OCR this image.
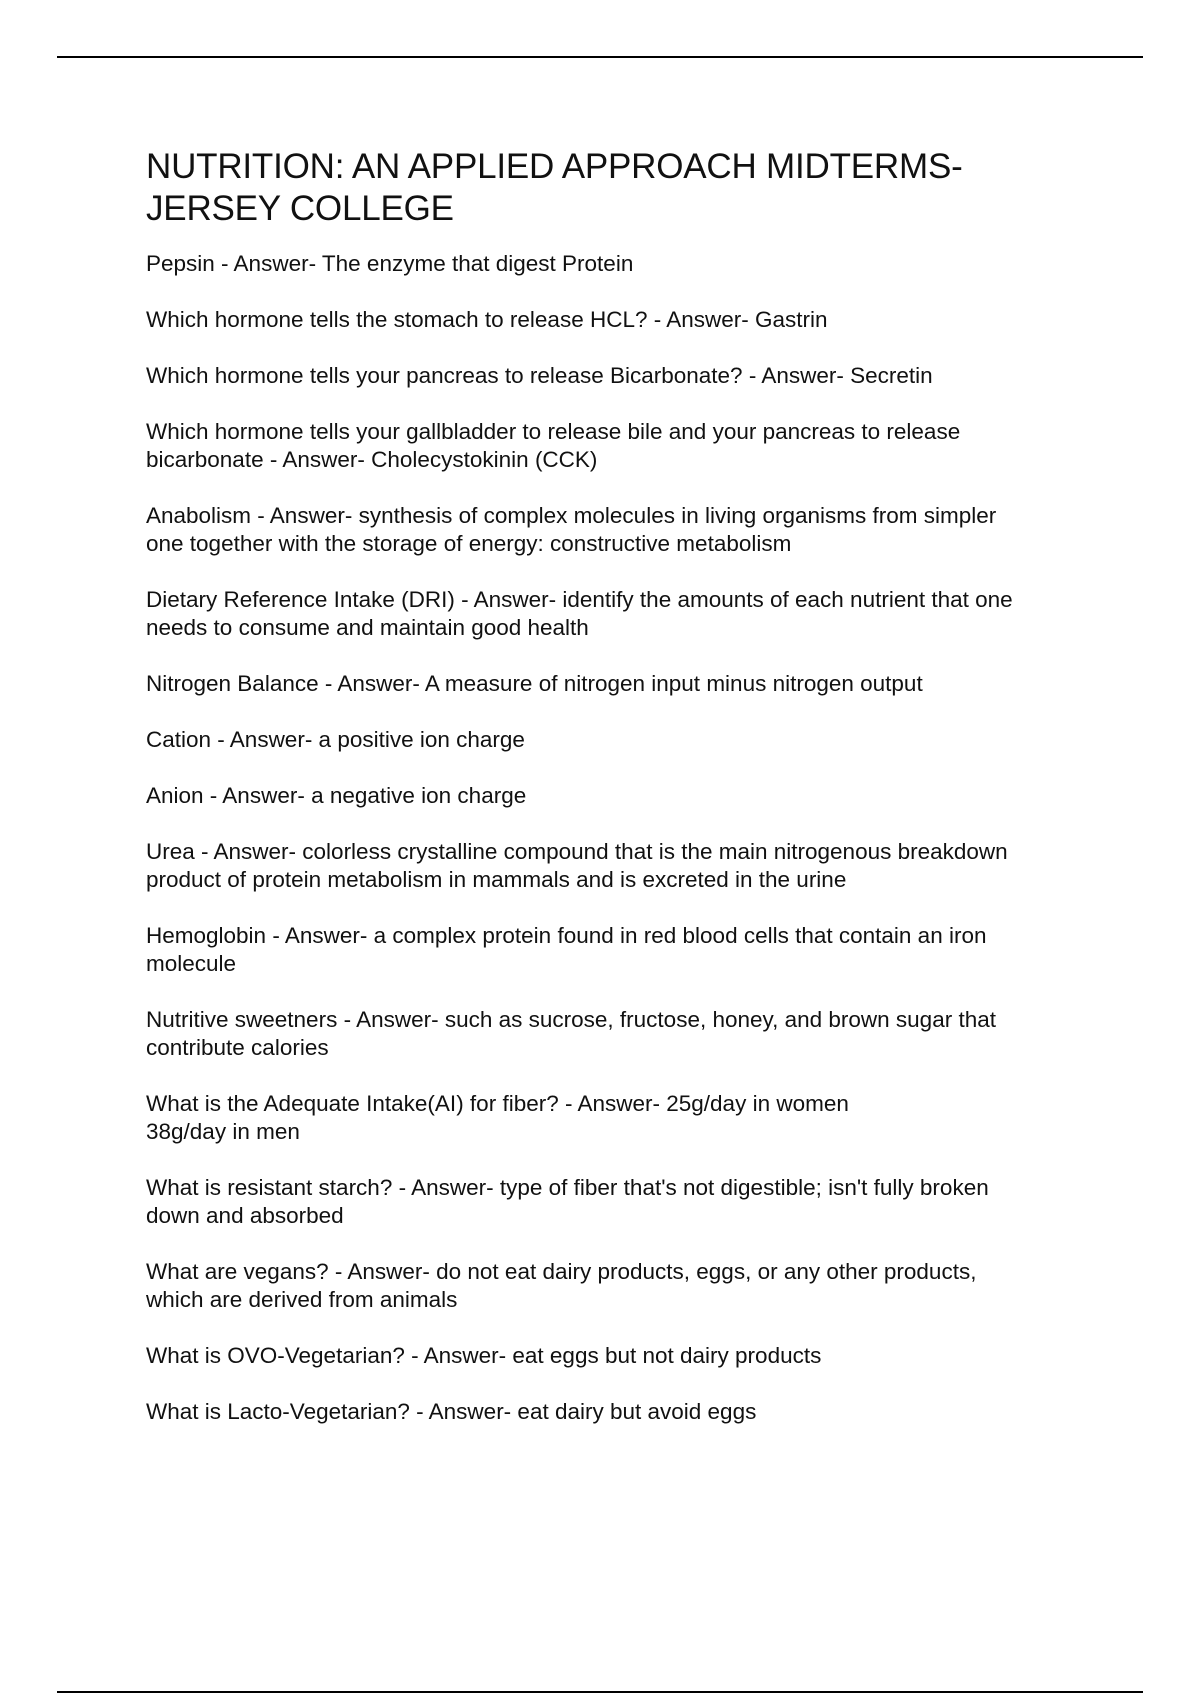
NUTRITION: AN APPLIED APPROACH MIDTERMS-
JERSEY COLLEGE
Pepsin - Answer- The enzyme that digest Protein
Which hormone tells the stomach to release HCL? - Answer- Gastrin
Which hormone tells your pancreas to release Bicarbonate? - Answer- Secretin
Which hormone tells your gallbladder to release bile and your pancreas to release
bicarbonate - Answer- Cholecystokinin (CCK)
Anabolism - Answer- synthesis of complex molecules in living organisms from simpler
one together with the storage of energy: constructive metabolism
Dietary Reference Intake (DRI) - Answer- identify the amounts of each nutrient that one
needs to consume and maintain good health
Nitrogen Balance - Answer- A measure of nitrogen input minus nitrogen output
Cation - Answer- a positive ion charge
Anion - Answer- a negative ion charge
Urea - Answer- colorless crystalline compound that is the main nitrogenous breakdown
product of protein metabolism in mammals and is excreted in the urine
Hemoglobin - Answer- a complex protein found in red blood cells that contain an iron
molecule
Nutritive sweetners - Answer- such as sucrose, fructose, honey, and brown sugar that
contribute calories
What is the Adequate Intake(AI) for fiber? - Answer- 25g/day in women
38g/day in men
What is resistant starch? - Answer- type of fiber that's not digestible; isn't fully broken
down and absorbed
What are vegans? - Answer- do not eat dairy products, eggs, or any other products,
which are derived from animals
What is OVO-Vegetarian? - Answer- eat eggs but not dairy products
What is Lacto-Vegetarian? - Answer- eat dairy but avoid eggs
